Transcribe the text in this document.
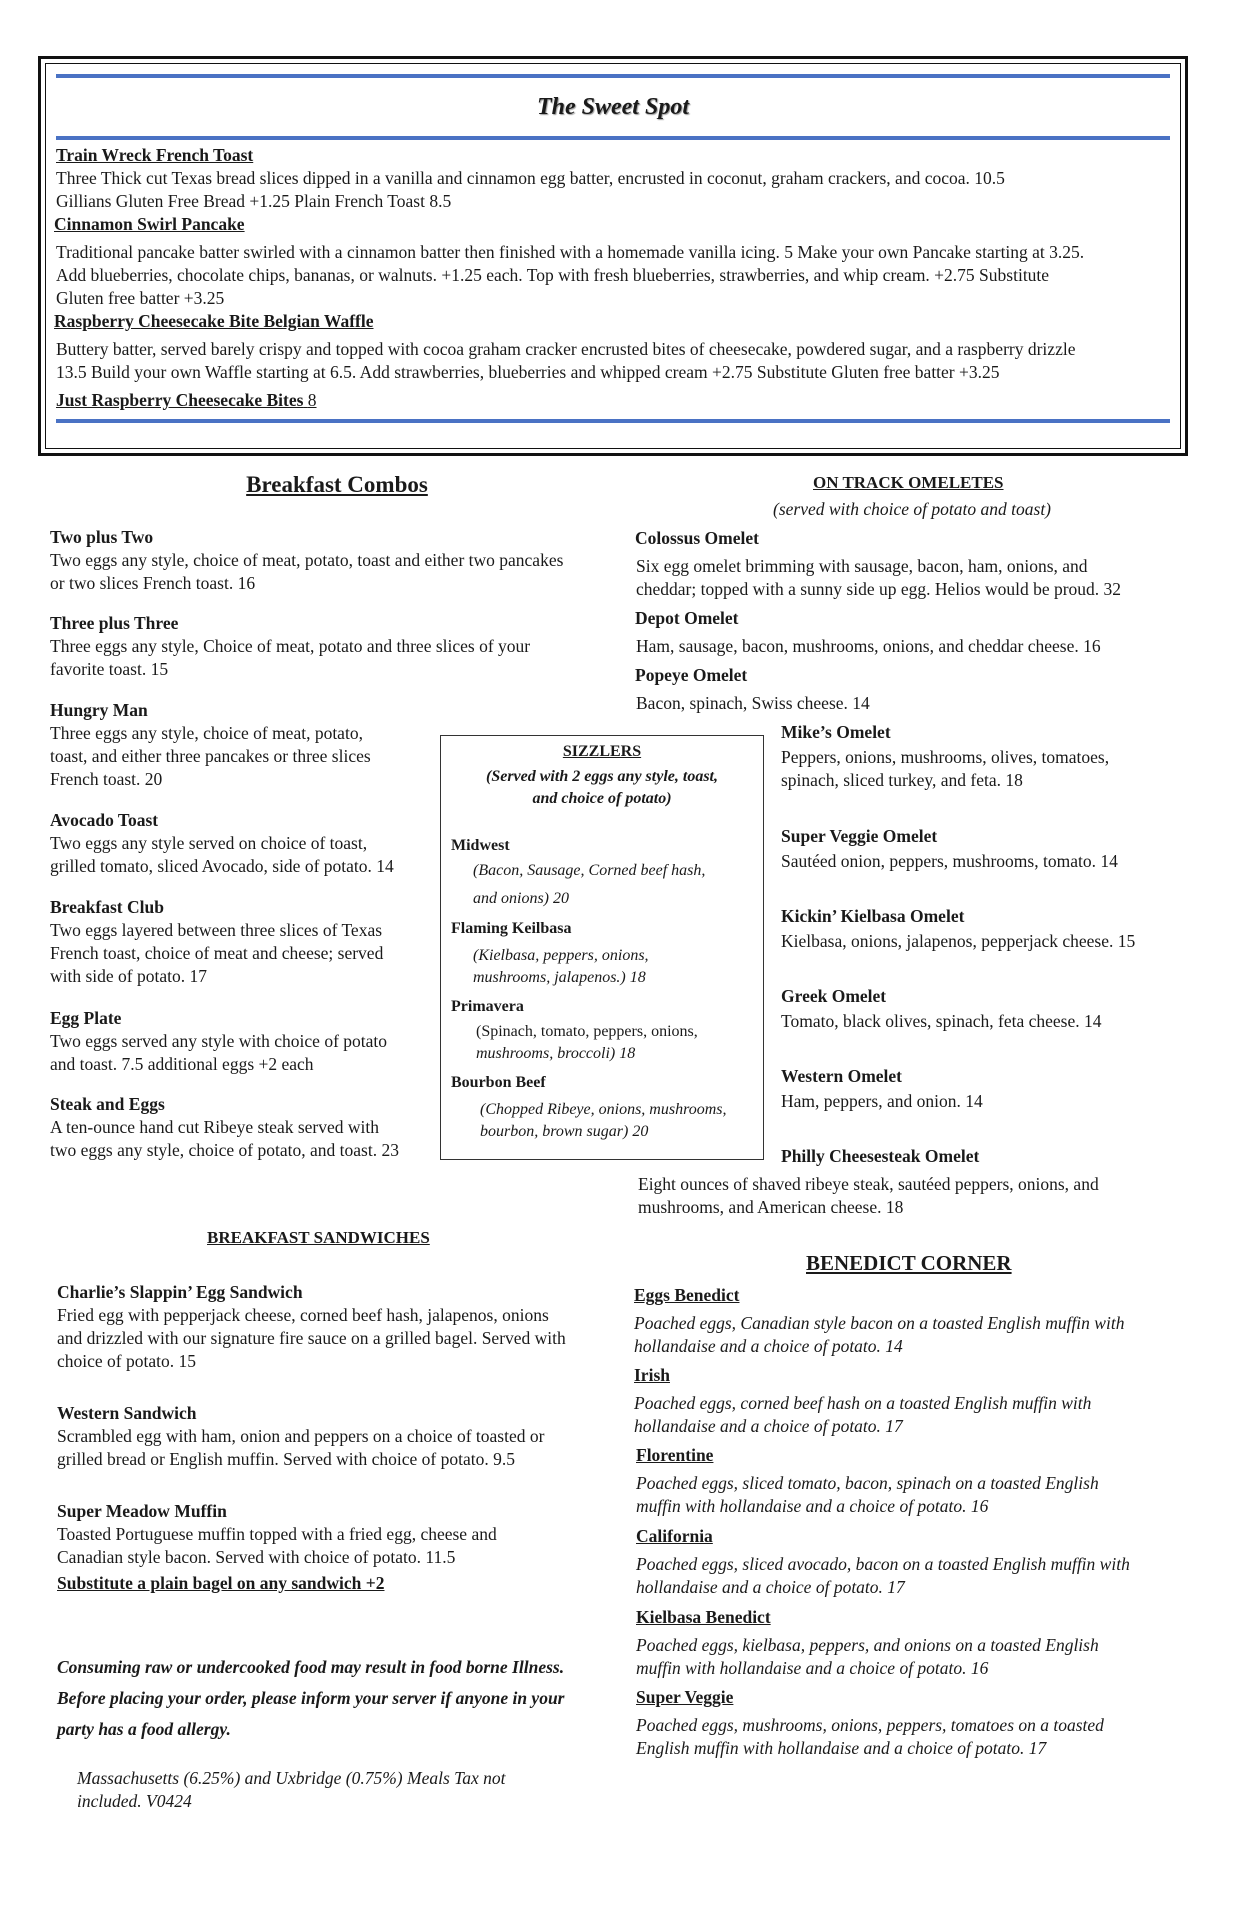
The Sweet Spot
Train Wreck French Toast
Three Thick cut Texas bread slices dipped in a vanilla and cinnamon egg batter, encrusted in coconut, graham crackers, and cocoa. 10.5
Gillians Gluten Free Bread +1.25 Plain French Toast 8.5
Cinnamon Swirl Pancake
Traditional pancake batter swirled with a cinnamon batter then finished with a homemade vanilla icing. 5 Make your own Pancake starting at 3.25.
Add blueberries, chocolate chips, bananas, or walnuts. +1.25 each. Top with fresh blueberries, strawberries, and whip cream. +2.75 Substitute
Gluten free batter +3.25
Raspberry Cheesecake Bite Belgian Waffle
Buttery batter, served barely crispy and topped with cocoa graham cracker encrusted bites of cheesecake, powdered sugar, and a raspberry drizzle
13.5 Build your own Waffle starting at 6.5. Add strawberries, blueberries and whipped cream +2.75 Substitute Gluten free batter +3.25
Just Raspberry Cheesecake Bites 8
Breakfast Combos
Two plus Two
Two eggs any style, choice of meat, potato, toast and either two pancakes
or two slices French toast. 16
Three plus Three
Three eggs any style, Choice of meat, potato and three slices of your
favorite toast. 15
Hungry Man
Three eggs any style, choice of meat, potato,
toast, and either three pancakes or three slices
French toast. 20
Avocado Toast
Two eggs any style served on choice of toast,
grilled tomato, sliced Avocado, side of potato. 14
Breakfast Club
Two eggs layered between three slices of Texas
French toast, choice of meat and cheese; served
with side of potato. 17
Egg Plate
Two eggs served any style with choice of potato
and toast. 7.5 additional eggs +2 each
Steak and Eggs
A ten-ounce hand cut Ribeye steak served with
two eggs any style, choice of potato, and toast. 23
SIZZLERS
(Served with 2 eggs any style, toast,
and choice of potato)
Midwest
(Bacon, Sausage, Corned beef hash,
and onions) 20
Flaming Keilbasa
(Kielbasa, peppers, onions,
mushrooms, jalapenos.) 18
Primavera
(Spinach, tomato, peppers, onions,
mushrooms, broccoli) 18
Bourbon Beef
(Chopped Ribeye, onions, mushrooms,
bourbon, brown sugar) 20
ON TRACK OMELETES
(served with choice of potato and toast)
Colossus Omelet
Six egg omelet brimming with sausage, bacon, ham, onions, and
cheddar; topped with a sunny side up egg. Helios would be proud. 32
Depot Omelet
Ham, sausage, bacon, mushrooms, onions, and cheddar cheese. 16
Popeye Omelet
Bacon, spinach, Swiss cheese. 14
Mike’s Omelet
Peppers, onions, mushrooms, olives, tomatoes,
spinach, sliced turkey, and feta. 18
Super Veggie Omelet
Sautéed onion, peppers, mushrooms, tomato. 14
Kickin’ Kielbasa Omelet
Kielbasa, onions, jalapenos, pepperjack cheese. 15
Greek Omelet
Tomato, black olives, spinach, feta cheese. 14
Western Omelet
Ham, peppers, and onion. 14
Philly Cheesesteak Omelet
Eight ounces of shaved ribeye steak, sautéed peppers, onions, and
mushrooms, and American cheese. 18
BREAKFAST SANDWICHES
Charlie’s Slappin’ Egg Sandwich
Fried egg with pepperjack cheese, corned beef hash, jalapenos, onions
and drizzled with our signature fire sauce on a grilled bagel. Served with
choice of potato. 15
Western Sandwich
Scrambled egg with ham, onion and peppers on a choice of toasted or
grilled bread or English muffin. Served with choice of potato. 9.5
Super Meadow Muffin
Toasted Portuguese muffin topped with a fried egg, cheese and
Canadian style bacon. Served with choice of potato. 11.5
Substitute a plain bagel on any sandwich +2
Consuming raw or undercooked food may result in food borne Illness.
Before placing your order, please inform your server if anyone in your
party has a food allergy.
Massachusetts (6.25%) and Uxbridge (0.75%) Meals Tax not
included. V0424
BENEDICT CORNER
Eggs Benedict
Poached eggs, Canadian style bacon on a toasted English muffin with
hollandaise and a choice of potato. 14
Irish
Poached eggs, corned beef hash on a toasted English muffin with
hollandaise and a choice of potato. 17
Florentine
Poached eggs, sliced tomato, bacon, spinach on a toasted English
muffin with hollandaise and a choice of potato. 16
California
Poached eggs, sliced avocado, bacon on a toasted English muffin with
hollandaise and a choice of potato. 17
Kielbasa Benedict
Poached eggs, kielbasa, peppers, and onions on a toasted English
muffin with hollandaise and a choice of potato. 16
Super Veggie
Poached eggs, mushrooms, onions, peppers, tomatoes on a toasted
English muffin with hollandaise and a choice of potato. 17
